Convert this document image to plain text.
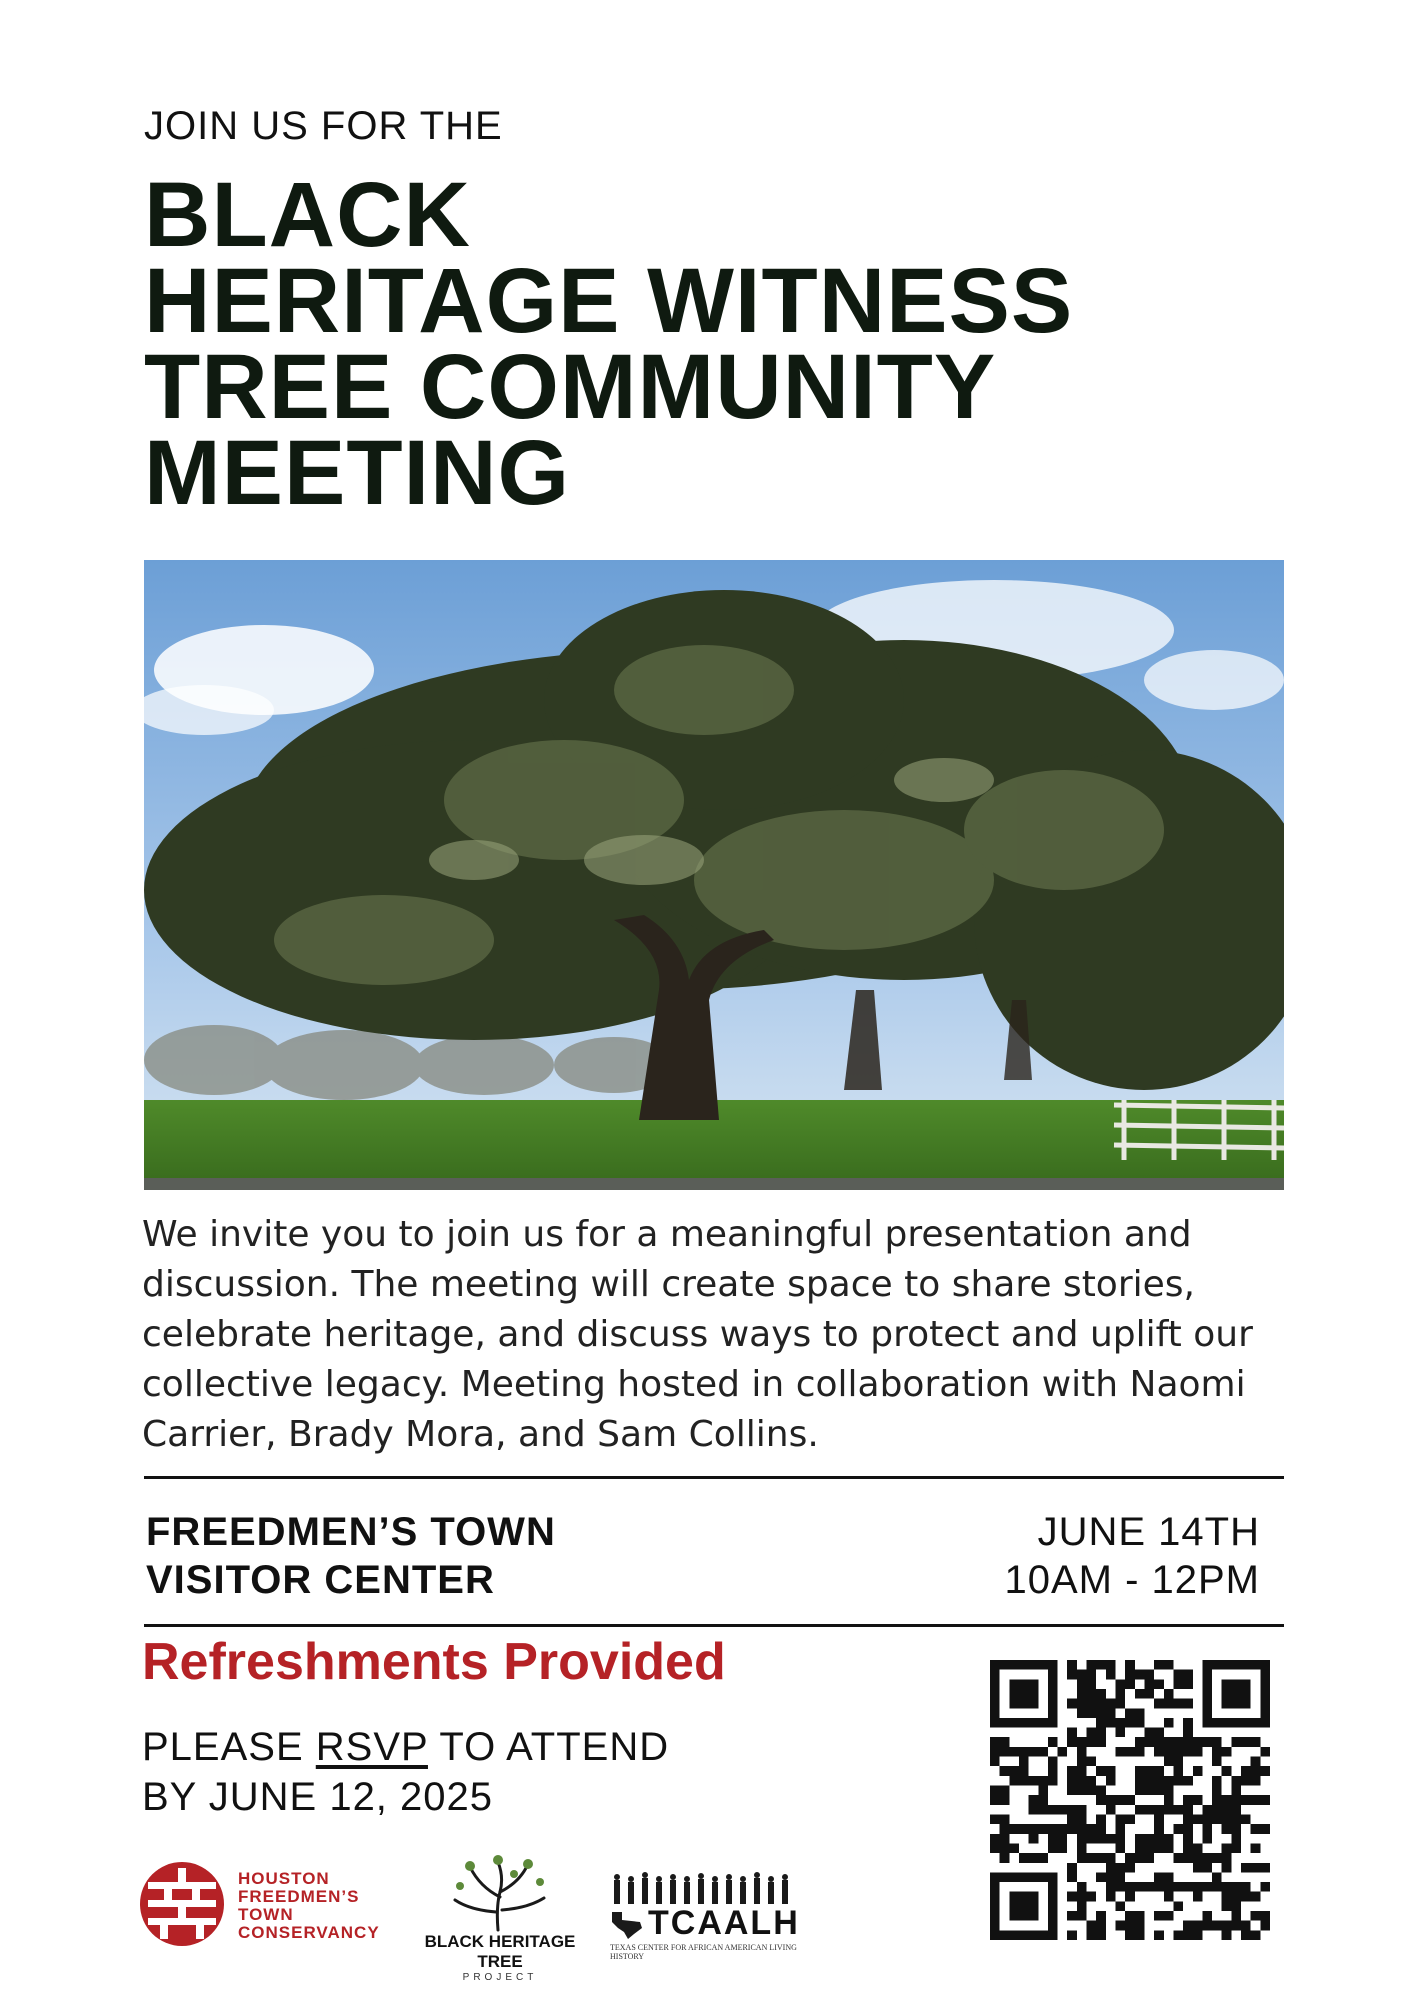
JOIN US FOR THE
BLACK
HERITAGE WITNESS
TREE COMMUNITY
MEETING
We invite you to join us for a meaningful presentation and discussion. The meeting will create space to share stories, celebrate heritage, and discuss ways to protect and uplift our collective legacy. Meeting hosted in collaboration with Naomi Carrier, Brady Mora, and Sam Collins.
FREEDMEN’S TOWN
VISITOR CENTER
JUNE 14TH
10AM - 12PM
Refreshments Provided
PLEASE RSVP TO ATTEND
BY JUNE 12, 2025
HOUSTON
FREEDMEN’S
TOWN
CONSERVANCY	BLACK HERITAGE TREE
PROJECT
TCAALH
TEXAS CENTER FOR AFRICAN AMERICAN LIVING HISTORY
